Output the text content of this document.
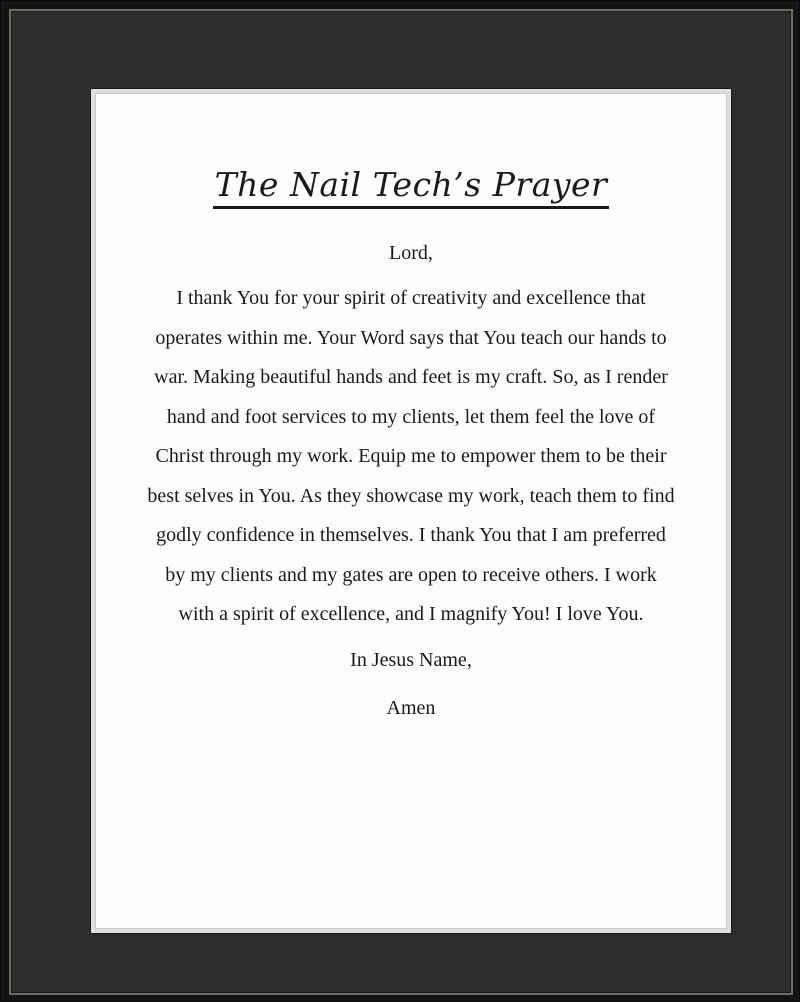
The Nail Tech’s Prayer

Lord,

I thank You for your spirit of creativity and excellence that operates within me. Your Word says that You teach our hands to war. Making beautiful hands and feet is my craft. So, as I render hand and foot services to my clients, let them feel the love of Christ through my work. Equip me to empower them to be their best selves in You. As they showcase my work, teach them to find godly confidence in themselves. I thank You that I am preferred by my clients and my gates are open to receive others. I work with a spirit of excellence, and I magnify You! I love You.

In Jesus Name,

Amen
